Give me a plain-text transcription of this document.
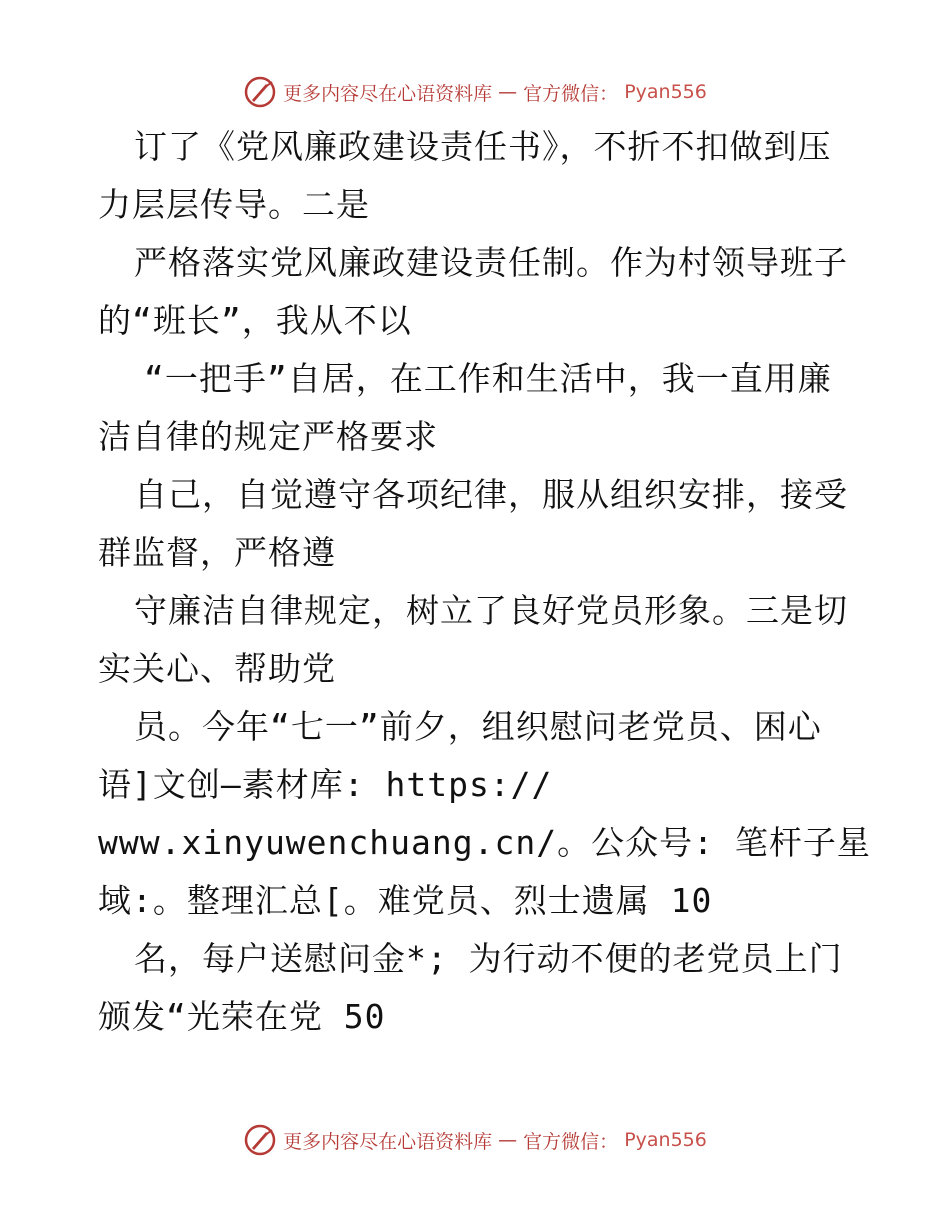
更多内容尽在心语资料库 — 官方微信： Pyan556
订了《党风廉政建设责任书》，不折不扣做到压
力层层传导。二是
严格落实党风廉政建设责任制。作为村领导班子
的“班长”，我从不以
“一把手”自居，在工作和生活中，我一直用廉
洁自律的规定严格要求
自己，自觉遵守各项纪律，服从组织安排，接受
群监督，严格遵
守廉洁自律规定，树立了良好党员形象。三是切
实关心、帮助党
员。今年“七一”前夕，组织慰问老党员、困心
语]文创—素材库: https://
www.xinyuwenchuang.cn/。公众号: 笔杆子星
域:。整理汇总[。难党员、烈士遗属 10
名，每户送慰问金*; 为行动不便的老党员上门
颁发“光荣在党 50
更多内容尽在心语资料库 — 官方微信： Pyan556
